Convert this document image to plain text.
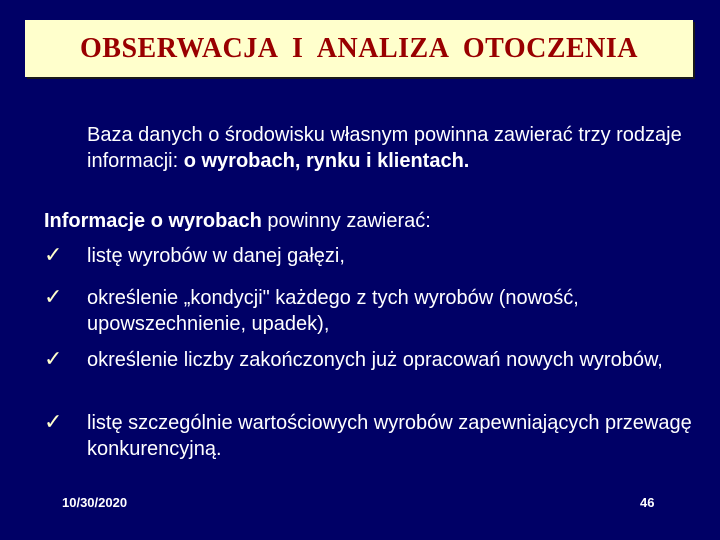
OBSERWACJA  I  ANALIZA  OTOCZENIA
Baza danych o środowisku własnym powinna zawierać trzy rodzaje informacji: o wyrobach, rynku i klientach.
Informacje o wyrobach powinny zawierać:
✓	listę wyrobów w danej gałęzi,
✓	określenie „kondycji" każdego z tych wyrobów (nowość, upowszechnienie, upadek),
✓	określenie liczby zakończonych już opracowań nowych wyrobów,
✓	listę szczególnie wartościowych wyrobów zapewniających przewagę konkurencyjną.
10/30/2020	46
